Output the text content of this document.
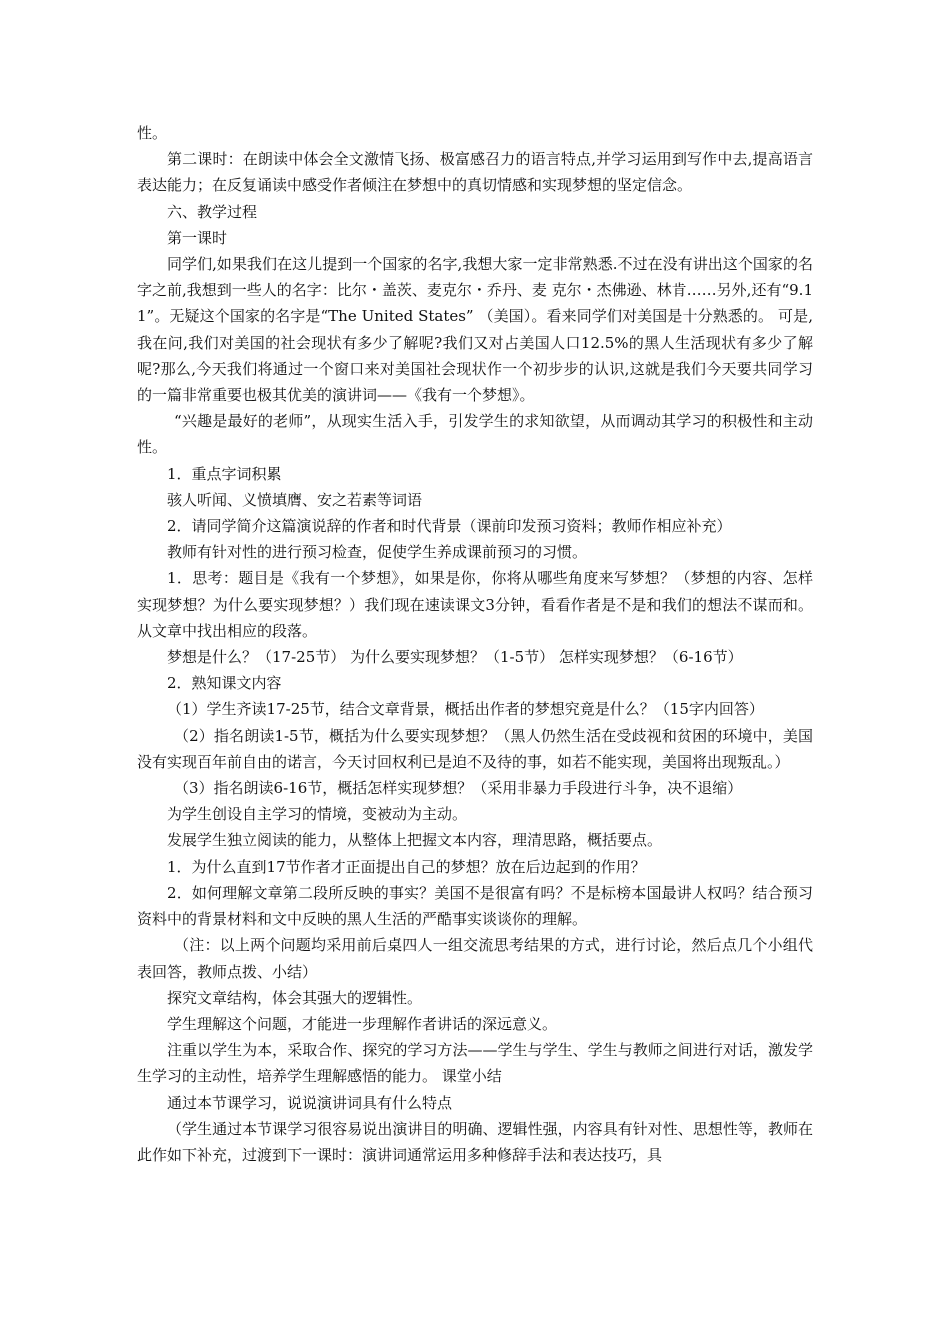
性。

第二课时：在朗读中体会全文激情飞扬、极富感召力的语言特点,并学习运用到写作中去,提高语言表达能力；在反复诵读中感受作者倾注在梦想中的真切情感和实现梦想的坚定信念。

六、教学过程

第一课时

同学们,如果我们在这儿提到一个国家的名字,我想大家一定非常熟悉.不过在没有讲出这个国家的名字之前,我想到一些人的名字：比尔・盖茨、麦克尔・乔丹、麦 克尔・杰佛逊、林肯……另外,还有“9.11”。无疑这个国家的名字是“The United States” （美国）。看来同学们对美国是十分熟悉的。 可是, 我在问,我们对美国的社会现状有多少了解呢?我们又对占美国人口12.5%的黑人生活现状有多少了解呢?那么,今天我们将通过一个窗口来对美国社会现状作一个初步步的认识,这就是我们今天要共同学习的一篇非常重要也极其优美的演讲词——《我有一个梦想》。

“兴趣是最好的老师”，从现实生活入手，引发学生的求知欲望，从而调动其学习的积极性和主动性。

1．重点字词积累

骇人听闻、义愤填膺、安之若素等词语

2．请同学简介这篇演说辞的作者和时代背景（课前印发预习资料；教师作相应补充）

教师有针对性的进行预习检查，促使学生养成课前预习的习惯。

1．思考：题目是《我有一个梦想》，如果是你，你将从哪些角度来写梦想？（梦想的内容、怎样实现梦想？为什么要实现梦想？）我们现在速读课文3分钟，看看作者是不是和我们的想法不谋而和。从文章中找出相应的段落。

梦想是什么？（17-25节） 为什么要实现梦想？（1-5节） 怎样实现梦想？（6-16节）

2．熟知课文内容

（1）学生齐读17-25节，结合文章背景，概括出作者的梦想究竟是什么？（15字内回答）

（2）指名朗读1-5节，概括为什么要实现梦想？（黑人仍然生活在受歧视和贫困的环境中，美国没有实现百年前自由的诺言，今天讨回权利已是迫不及待的事，如若不能实现，美国将出现叛乱。）

（3）指名朗读6-16节，概括怎样实现梦想？（采用非暴力手段进行斗争，决不退缩）

为学生创设自主学习的情境，变被动为主动。

发展学生独立阅读的能力，从整体上把握文本内容，理清思路，概括要点。

1．为什么直到17节作者才正面提出自己的梦想？放在后边起到的作用？

2．如何理解文章第二段所反映的事实？美国不是很富有吗？不是标榜本国最讲人权吗？结合预习资料中的背景材料和文中反映的黑人生活的严酷事实谈谈你的理解。

（注：以上两个问题均采用前后桌四人一组交流思考结果的方式，进行讨论，然后点几个小组代表回答，教师点拨、小结）

探究文章结构，体会其强大的逻辑性。

学生理解这个问题，才能进一步理解作者讲话的深远意义。

注重以学生为本，采取合作、探究的学习方法——学生与学生、学生与教师之间进行对话，激发学生学习的主动性，培养学生理解感悟的能力。 课堂小结

通过本节课学习，说说演讲词具有什么特点

（学生通过本节课学习很容易说出演讲目的明确、逻辑性强，内容具有针对性、思想性等，教师在此作如下补充，过渡到下一课时：演讲词通常运用多种修辞手法和表达技巧，具
